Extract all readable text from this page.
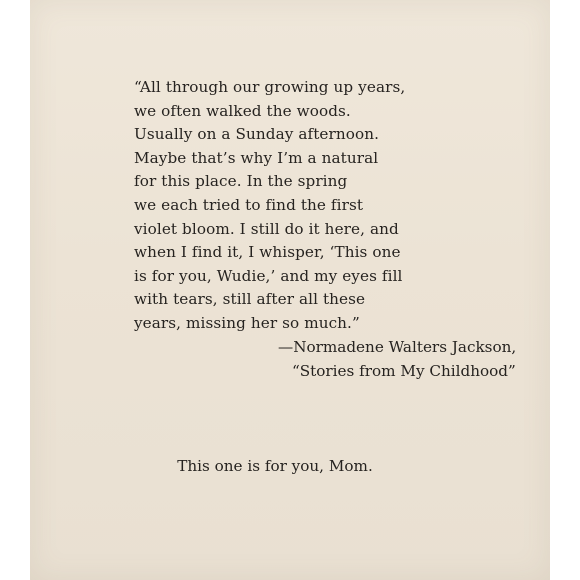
“All through our growing up years,
we often walked the woods.
Usually on a Sunday afternoon.
Maybe that’s why I’m a natural
for this place. In the spring
we each tried to find the first
violet bloom. I still do it here, and
when I find it, I whisper, ‘This one
is for you, Wudie,’ and my eyes fill
with tears, still after all these
years, missing her so much.”
—Normadene Walters Jackson,
“Stories from My Childhood”
This one is for you, Mom.
